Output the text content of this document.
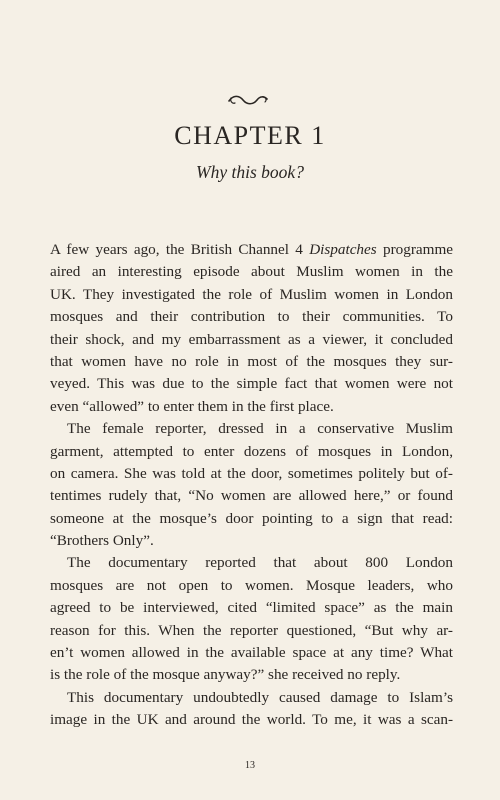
CHAPTER 1
Why this book?
A few years ago, the British Channel 4 Dispatches programme
aired an interesting episode about Muslim women in the
UK. They investigated the role of Muslim women in London
mosques and their contribution to their communities. To
their shock, and my embarrassment as a viewer, it concluded
that women have no role in most of the mosques they sur-
veyed. This was due to the simple fact that women were not
even “allowed” to enter them in the first place.
The female reporter, dressed in a conservative Muslim
garment, attempted to enter dozens of mosques in London,
on camera. She was told at the door, sometimes politely but of-
tentimes rudely that, “No women are allowed here,” or found
someone at the mosque’s door pointing to a sign that read:
“Brothers Only”.
The documentary reported that about 800 London
mosques are not open to women. Mosque leaders, who
agreed to be interviewed, cited “limited space” as the main
reason for this. When the reporter questioned, “But why ar-
en’t women allowed in the available space at any time? What
is the role of the mosque anyway?” she received no reply.
This documentary undoubtedly caused damage to Islam’s
image in the UK and around the world. To me, it was a scan-
13
